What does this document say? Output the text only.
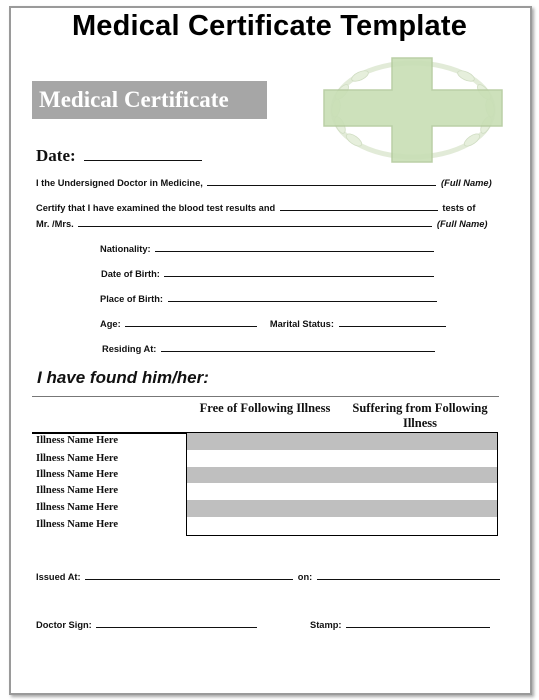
Medical Certificate Template
Medical Certificate
Date:
I the Undersigned Doctor in Medicine,	(Full Name)
Certify that I have examined the blood test results and	tests of
Mr. /Mrs.	(Full Name)
Nationality:
Date of Birth:
Place of Birth:
Age:	Marital Status:
Residing At:
I have found him/her:
Free of Following Illness	Suffering from Following Illness
Illness Name Here
Illness Name Here
Illness Name Here
Illness Name Here
Illness Name Here
Illness Name Here
Issued At:	on:
Doctor Sign:	Stamp:
